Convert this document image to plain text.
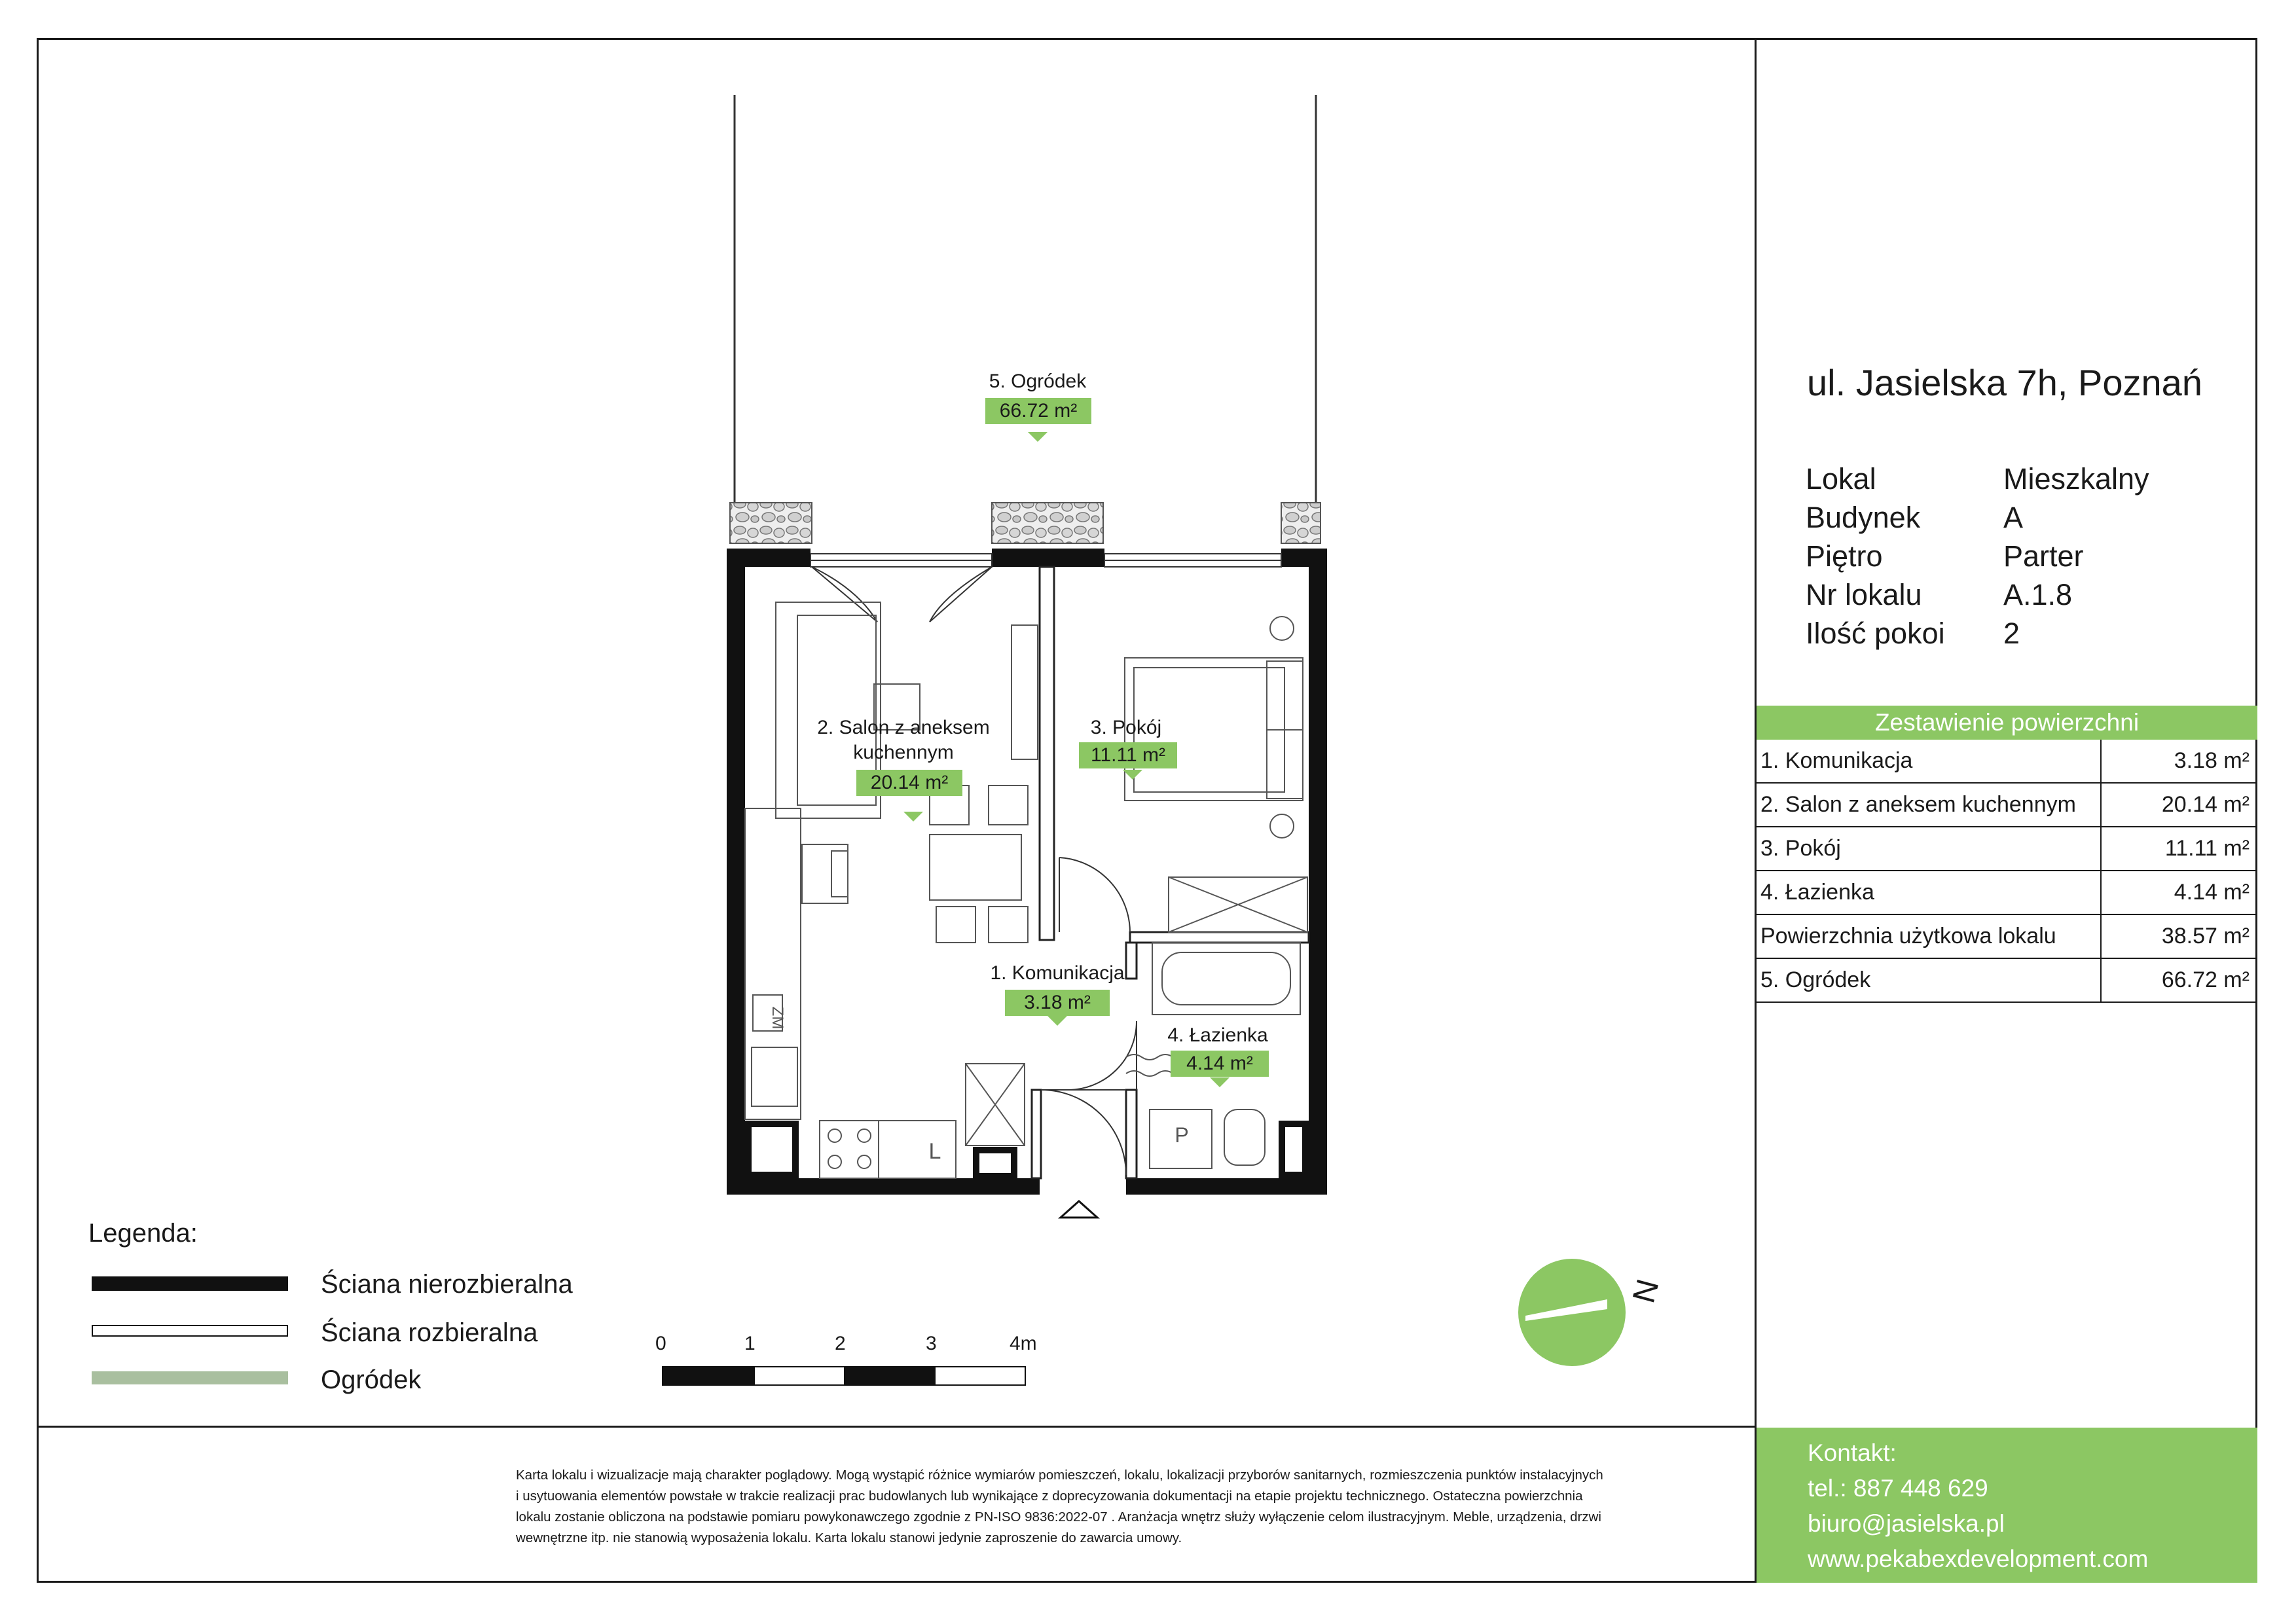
ZM
L
P
5. Ogródek
66.72 m²
2. Salon z aneksem
kuchennym
20.14 m²
3. Pokój
11.11 m²
1. Komunikacja
3.18 m²
4. Łazienka
4.14 m²
N
Legenda:
Ściana nierozbieralna
Ściana rozbieralna
Ogródek
0	1	2	3	4m
ul. Jasielska 7h, Poznań
Lokal	Mieszkalny
Budynek	A
Piętro	Parter
Nr lokalu	A.1.8
Ilość pokoi 2
Zestawienie powierzchni
1. Komunikacja	3.18 m²
2. Salon z aneksem kuchennym	20.14 m²
3. Pokój	11.11 m²
4. Łazienka	4.14 m²
Powierzchnia użytkowa lokalu	38.57 m²
5. Ogródek	66.72 m²
Karta lokalu i wizualizacje mają charakter poglądowy. Mogą wystąpić różnice wymiarów pomieszczeń, lokalu, lokalizacji przyborów sanitarnych, rozmieszczenia punktów instalacyjnych
i usytuowania elementów powstałe w trakcie realizacji prac budowlanych lub wynikające z doprecyzowania dokumentacji na etapie projektu technicznego. Ostateczna powierzchnia
lokalu zostanie obliczona na podstawie pomiaru powykonawczego zgodnie z PN-ISO 9836:2022-07 . Aranżacja wnętrz służy wyłączenie celom ilustracyjnym. Meble, urządzenia, drzwi
wewnętrzne itp. nie stanowią wyposażenia lokalu. Karta lokalu stanowi jedynie zaproszenie do zawarcia umowy.
Kontakt:
tel.: 887 448 629
biuro@jasielska.pl
www.pekabexdevelopment.com
